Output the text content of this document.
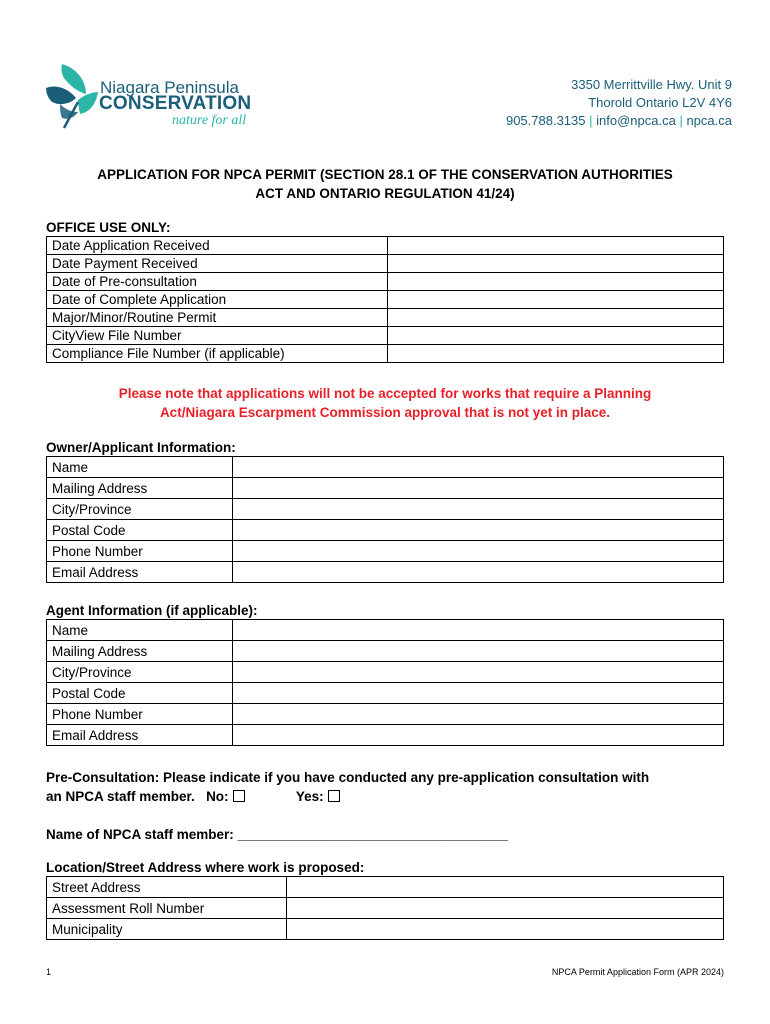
Niagara Peninsula
CONSERVATION
nature for all
3350 Merrittville Hwy. Unit 9
Thorold Ontario L2V 4Y6
905.788.3135 | info@npca.ca | npca.ca
APPLICATION FOR NPCA PERMIT (SECTION 28.1 OF THE CONSERVATION AUTHORITIES
ACT AND ONTARIO REGULATION 41/24)
OFFICE USE ONLY:
Date Application Received	
Date Payment Received	
Date of Pre-consultation	
Date of Complete Application	
Major/Minor/Routine Permit	
CityView File Number	
Compliance File Number (if applicable)	
Please note that applications will not be accepted for works that require a Planning
Act/Niagara Escarpment Commission approval that is not yet in place.
Owner/Applicant Information:
Name	
Mailing Address	
City/Province	
Postal Code	
Phone Number	
Email Address	
Agent Information (if applicable):
Name	
Mailing Address	
City/Province	
Postal Code	
Phone Number	
Email Address	
Pre-Consultation: Please indicate if you have conducted any pre-application consultation with
an NPCA staff member. No:	Yes:
Name of NPCA staff member: ____________________________________
Location/Street Address where work is proposed:
Street Address	
Assessment Roll Number	
Municipality	
1	NPCA Permit Application Form (APR 2024)
